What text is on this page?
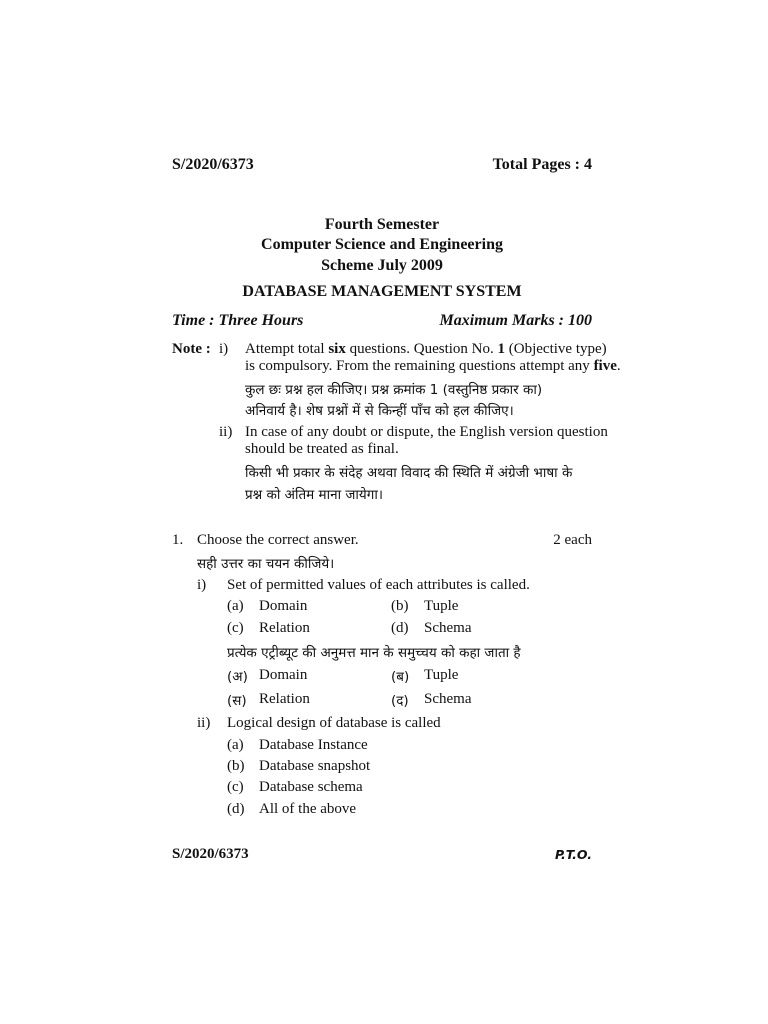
S/2020/6373	Total Pages : 4
Fourth Semester
Computer Science and Engineering
Scheme July 2009
DATABASE MANAGEMENT SYSTEM
Time : Three Hours	Maximum Marks : 100
Note : i) Attempt total six questions. Question No. 1 (Objective type)
is compulsory. From the remaining questions attempt any five.
कुल छः प्रश्न हल कीजिए। प्रश्न क्रमांक 1 (वस्तुनिष्ठ प्रकार का)
अनिवार्य है। शेष प्रश्नों में से किन्हीं पाँच को हल कीजिए।
ii) In case of any doubt or dispute, the English version question
should be treated as final.
किसी भी प्रकार के संदेह अथवा विवाद की स्थिति में अंग्रेजी भाषा के
प्रश्न को अंतिम माना जायेगा।
1. Choose the correct answer.	2 each
सही उत्तर का चयन कीजिये।
i) Set of permitted values of each attributes is called.
(a) Domain	(b) Tuple
(c) Relation	(d) Schema
प्रत्येक एट्रीब्यूट की अनुमत्त मान के समुच्चय को कहा जाता है
(अ) Domain	(ब) Tuple
(स) Relation	(द) Schema
ii) Logical design of database is called
(a) Database Instance
(b) Database snapshot
(c) Database schema
(d) All of the above
S/2020/6373	P.T.O.
